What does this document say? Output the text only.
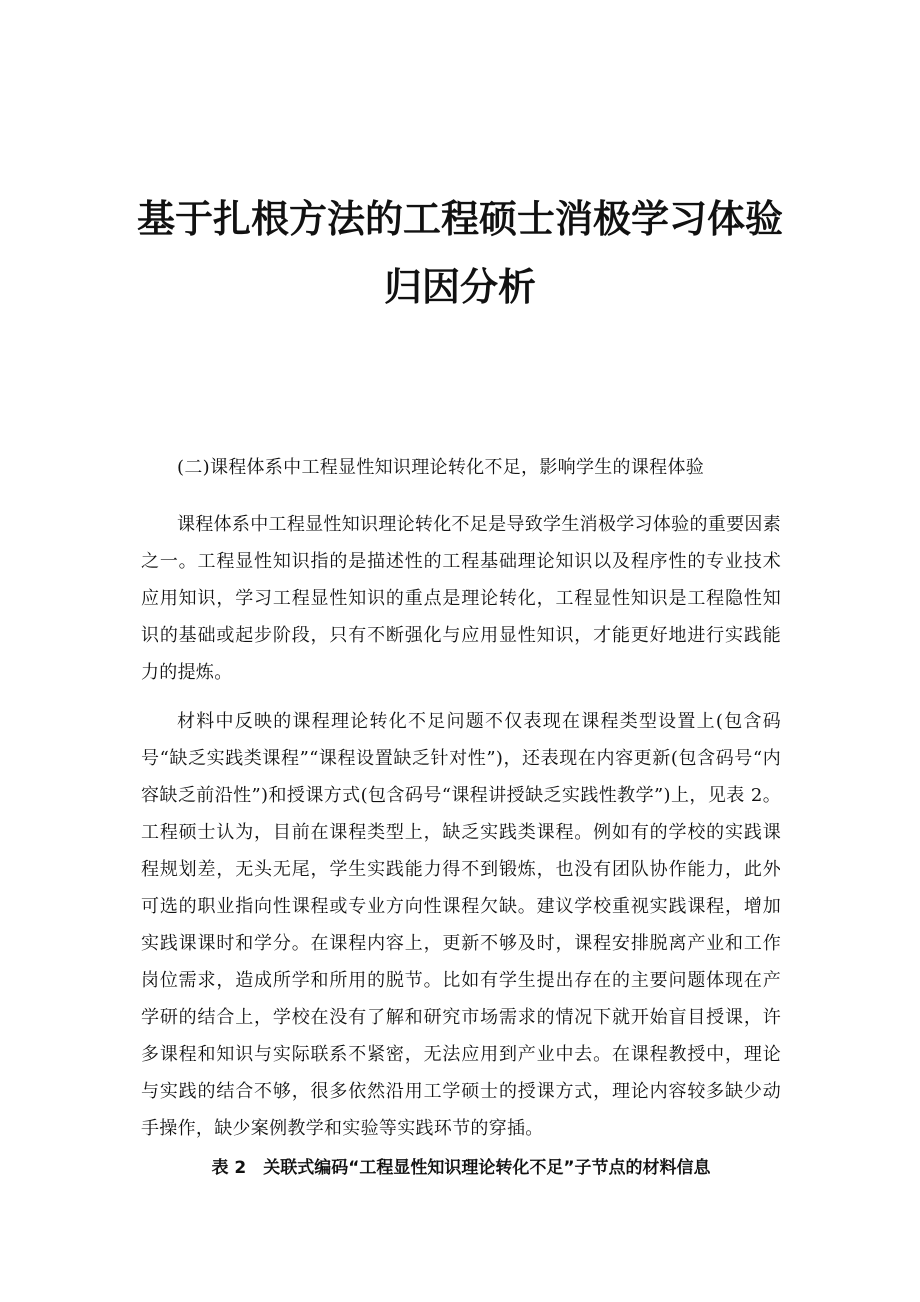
基于扎根方法的工程硕士消极学习体验
归因分析

(二)课程体系中工程显性知识理论转化不足，影响学生的课程体验

课程体系中工程显性知识理论转化不足是导致学生消极学习体验的重要因素之一。工程显性知识指的是描述性的工程基础理论知识以及程序性的专业技术应用知识，学习工程显性知识的重点是理论转化，工程显性知识是工程隐性知识的基础或起步阶段，只有不断强化与应用显性知识，才能更好地进行实践能力的提炼。

材料中反映的课程理论转化不足问题不仅表现在课程类型设置上(包含码号“缺乏实践类课程”“课程设置缺乏针对性”)，还表现在内容更新(包含码号“内容缺乏前沿性”)和授课方式(包含码号“课程讲授缺乏实践性教学”)上，见表 2。工程硕士认为，目前在课程类型上，缺乏实践类课程。例如有的学校的实践课程规划差，无头无尾，学生实践能力得不到锻炼，也没有团队协作能力，此外可选的职业指向性课程或专业方向性课程欠缺。建议学校重视实践课程，增加实践课课时和学分。在课程内容上，更新不够及时，课程安排脱离产业和工作岗位需求，造成所学和所用的脱节。比如有学生提出存在的主要问题体现在产学研的结合上，学校在没有了解和研究市场需求的情况下就开始盲目授课，许多课程和知识与实际联系不紧密，无法应用到产业中去。在课程教授中，理论与实践的结合不够，很多依然沿用工学硕士的授课方式，理论内容较多缺少动手操作，缺少案例教学和实验等实践环节的穿插。

表 2　关联式编码“工程显性知识理论转化不足”子节点的材料信息
